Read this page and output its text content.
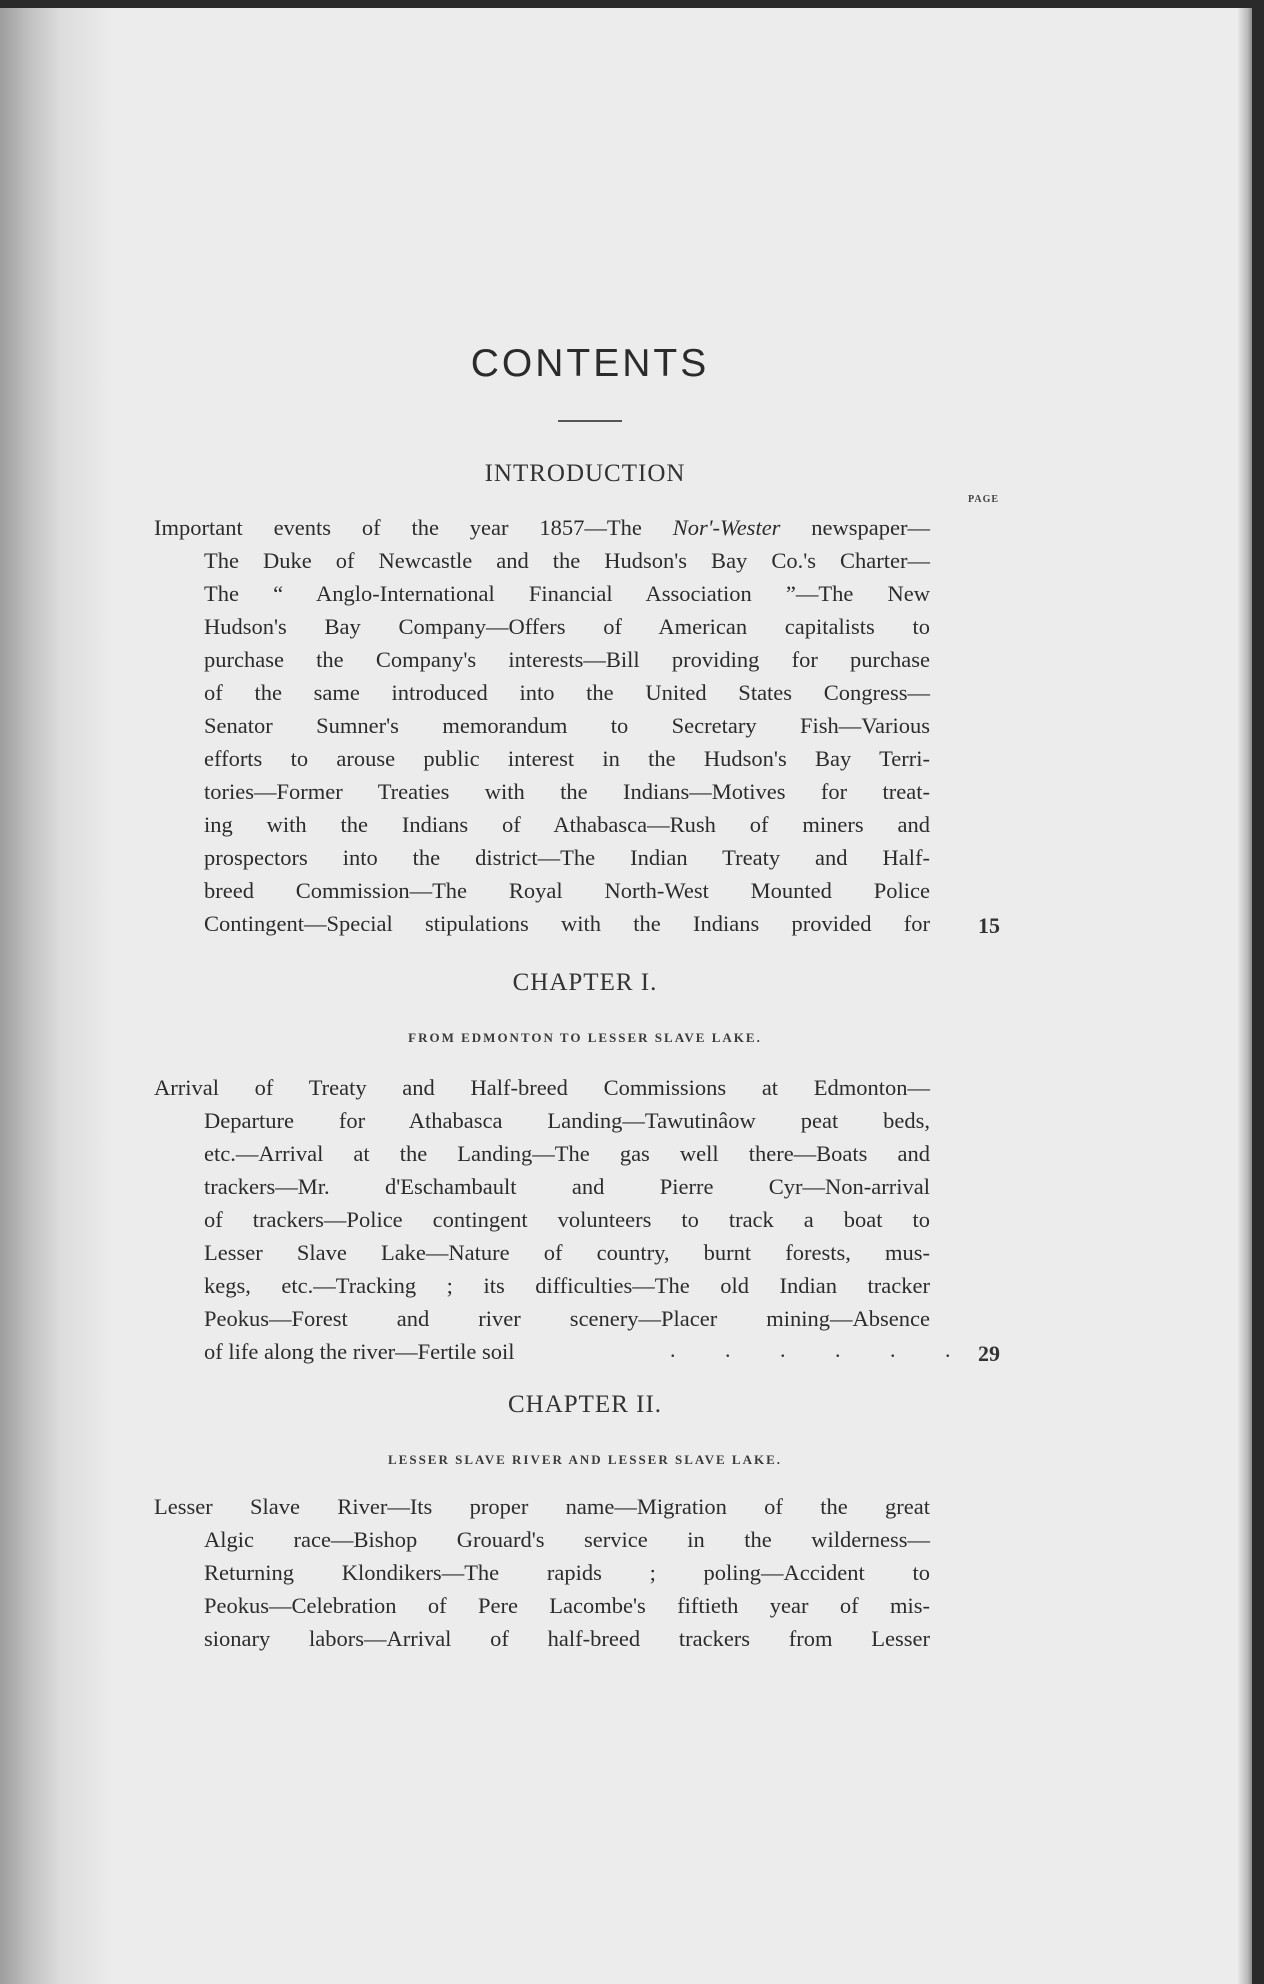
CONTENTS
INTRODUCTION
PAGE
Important events of the year 1857—The Nor'-Wester newspaper—
The Duke of Newcastle and the Hudson's Bay Co.'s Charter—
The “ Anglo-International Financial Association ”—The New
Hudson's Bay Company—Offers of American capitalists to
purchase the Company's interests—Bill providing for purchase
of the same introduced into the United States Congress—
Senator Sumner's memorandum to Secretary Fish—Various
efforts to arouse public interest in the Hudson's Bay Terri-
tories—Former Treaties with the Indians—Motives for treat-
ing with the Indians of Athabasca—Rush of miners and
prospectors into the district—The Indian Treaty and Half-
breed Commission—The Royal North-West Mounted Police
Contingent—Special stipulations with the Indians provided for 15
CHAPTER I.
FROM EDMONTON TO LESSER SLAVE LAKE.
Arrival of Treaty and Half-breed Commissions at Edmonton—
Departure for Athabasca Landing—Tawutinâow peat beds,
etc.—Arrival at the Landing—The gas well there—Boats and
trackers—Mr. d'Eschambault and Pierre Cyr—Non-arrival
of trackers—Police contingent volunteers to track a boat to
Lesser Slave Lake—Nature of country, burnt forests, mus-
kegs, etc.—Tracking ; its difficulties—The old Indian tracker
Peokus—Forest and river scenery—Placer mining—Absence
of life along the river—Fertile soil	. . . . . . 29
CHAPTER II.
LESSER SLAVE RIVER AND LESSER SLAVE LAKE.
Lesser Slave River—Its proper name—Migration of the great
Algic race—Bishop Grouard's service in the wilderness—
Returning Klondikers—The rapids ; poling—Accident to
Peokus—Celebration of Pere Lacombe's fiftieth year of mis-
sionary labors—Arrival of half-breed trackers from Lesser
